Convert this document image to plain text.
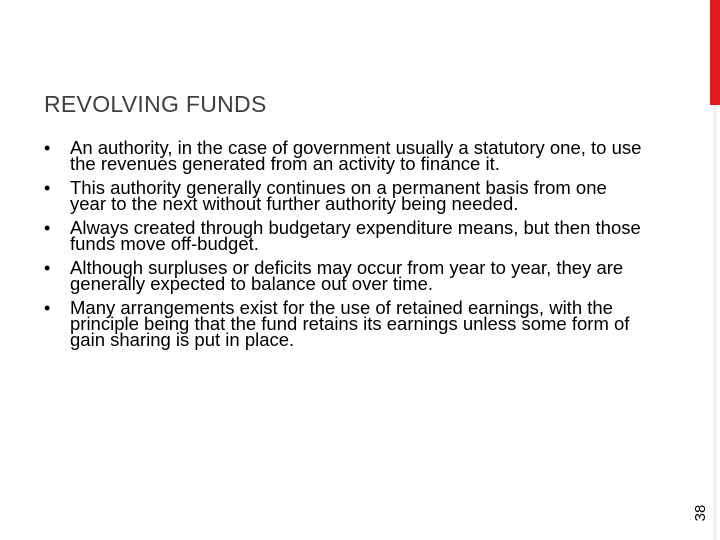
REVOLVING FUNDS
• An authority, in the case of government usually a statutory one, to use the revenues generated from an activity to finance it.
• This authority generally continues on a permanent basis from one year to the next without further authority being needed.
• Always created through budgetary expenditure means, but then those funds move off-budget.
• Although surpluses or deficits may occur from year to year, they are generally expected to balance out over time.
• Many arrangements exist for the use of retained earnings, with the principle being that the fund retains its earnings unless some form of gain sharing is put in place.
38
